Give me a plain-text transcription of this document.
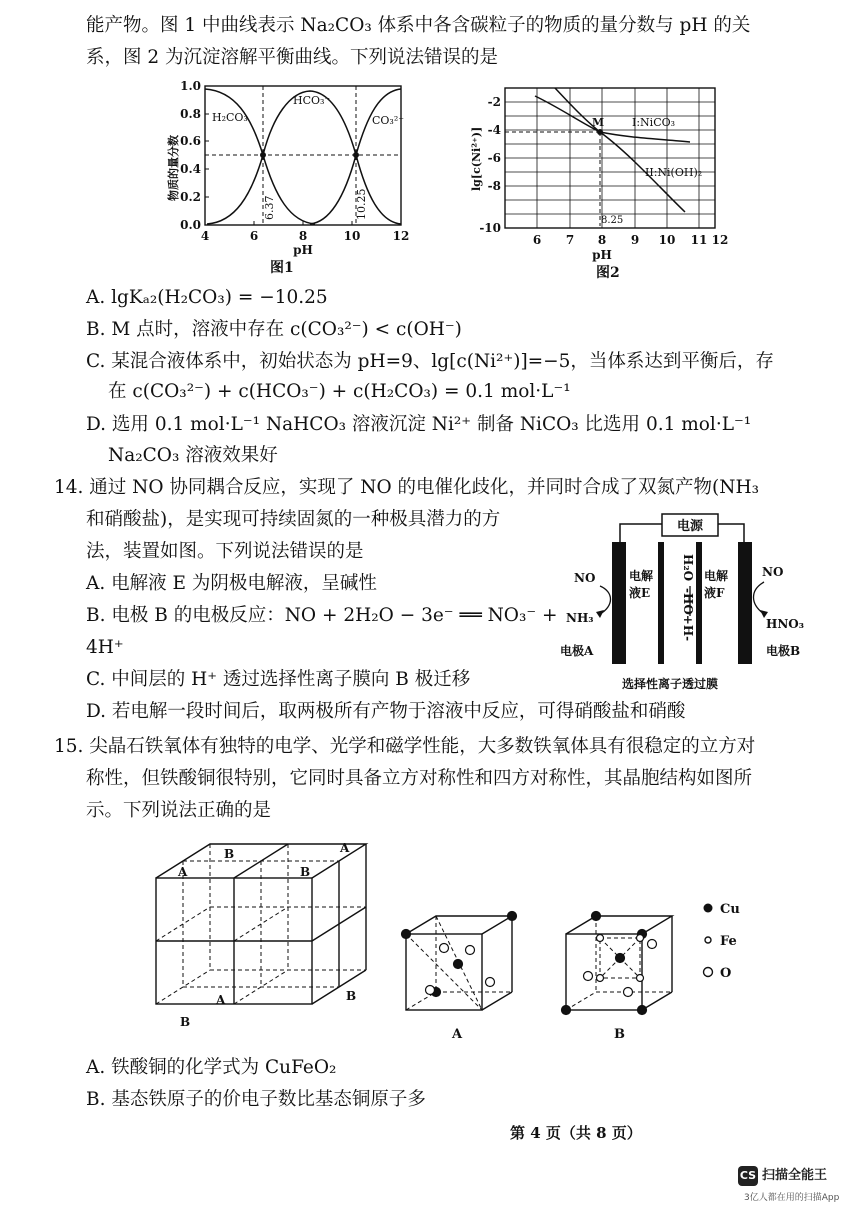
能产物。图 1 中曲线表示 Na₂CO₃ 体系中各含碳粒子的物质的量分数与 pH 的关
系，图 2 为沉淀溶解平衡曲线。下列说法错误的是
4	6	8	10	12
0.0
0.2
0.4
0.6
0.8
1.0
pH
物质的量分数
H₂CO₃
HCO₃⁻
CO₃²⁻
6.37	10.25
图1
6 7 8 9 10 11 12
-2
-4
-6
-8
-10
pH
lg[c(Ni²⁺)]
M	I:NiCO₃
II:Ni(OH)₂
8.25
图2
A. lgKₐ₂(H₂CO₃) = −10.25
B. M 点时，溶液中存在 c(CO₃²⁻) < c(OH⁻)
C. 某混合液体系中，初始状态为 pH=9、lg[c(Ni²⁺)]=−5，当体系达到平衡后，存
在 c(CO₃²⁻) + c(HCO₃⁻) + c(H₂CO₃) = 0.1 mol·L⁻¹
D. 选用 0.1 mol·L⁻¹ NaHCO₃ 溶液沉淀 Ni²⁺ 制备 NiCO₃ 比选用 0.1 mol·L⁻¹
Na₂CO₃ 溶液效果好
14. 通过 NO 协同耦合反应，实现了 NO 的电催化歧化，并同时合成了双氮产物(NH₃
和硝酸盐)，是实现可持续固氮的一种极具潜力的方
法，装置如图。下列说法错误的是
A. 电解液 E 为阴极电解液，呈碱性
B. 电极 B 的电极反应：NO + 2H₂O − 3e⁻ ══ NO₃⁻ +
4H⁺
C. 中间层的 H⁺ 透过选择性离子膜向 B 极迁移
D. 若电解一段时间后，取两极所有产物于溶液中反应，可得硝酸盐和硝酸
电源
H₂O
-HO+H-
电解
液E
电解
液F
NO
NH₃
NO
HNO₃
电极A	电极B
选择性离子透过膜
15. 尖晶石铁氧体有独特的电学、光学和磁学性能，大多数铁氧体具有很稳定的立方对
称性，但铁酸铜很特别，它同时具备立方对称性和四方对称性，其晶胞结构如图所
示。下列说法正确的是
A
B	A
B
A	B
B
A	B
Cu
Fe
O
A. 铁酸铜的化学式为 CuFeO₂
B. 基态铁原子的价电子数比基态铜原子多
第 4 页（共 8 页）
CS 扫描全能王
3亿人都在用的扫描App
